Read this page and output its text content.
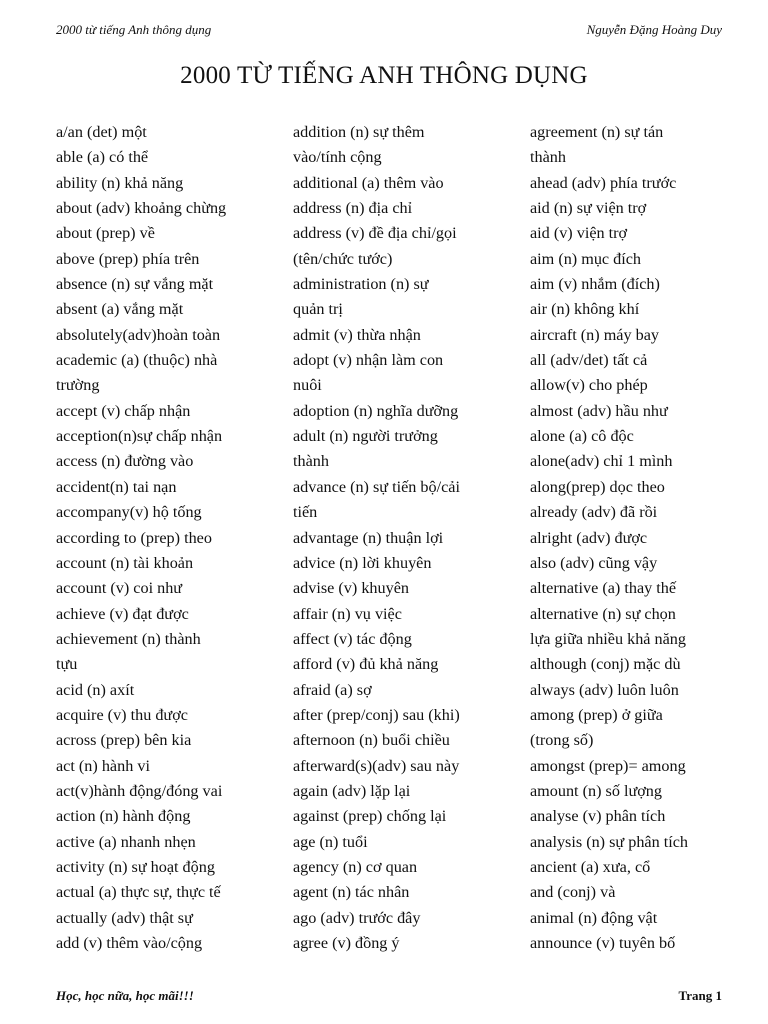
2000 từ tiếng Anh thông dụng	Nguyễn Đặng Hoàng Duy
2000 TỪ TIẾNG ANH THÔNG DỤNG
a/an (det) một
able (a) có thể
ability (n) khả năng
about (adv) khoảng chừng
about (prep) về
above (prep) phía trên
absence (n) sự vắng mặt
absent (a) vắng mặt
absolutely(adv)hoàn toàn
academic (a) (thuộc) nhà
trường
accept (v) chấp nhận
acception(n)sự chấp nhận
access (n) đường vào
accident(n) tai nạn
accompany(v) hộ tống
according to (prep) theo
account (n) tài khoản
account (v) coi như
achieve (v) đạt được
achievement (n) thành
tựu
acid (n) axít
acquire (v) thu được
across (prep) bên kia
act (n) hành vi
act(v)hành động/đóng vai
action (n) hành động
active (a) nhanh nhẹn
activity (n) sự hoạt động
actual (a) thực sự, thực tế
actually (adv) thật sự
add (v) thêm vào/cộng
addition (n) sự thêm
vào/tính cộng
additional (a) thêm vào
address (n) địa chỉ
address (v) đề địa chỉ/gọi
(tên/chức tước)
administration (n) sự
quản trị
admit (v) thừa nhận
adopt (v) nhận làm con
nuôi
adoption (n) nghĩa dưỡng
adult (n) người trưởng
thành
advance (n) sự tiến bộ/cải
tiến
advantage (n) thuận lợi
advice (n) lời khuyên
advise (v) khuyên
affair (n) vụ việc
affect (v) tác động
afford (v) đủ khả năng
afraid (a) sợ
after (prep/conj) sau (khi)
afternoon (n) buổi chiều
afterward(s)(adv) sau này
again (adv) lặp lại
against (prep) chống lại
age (n) tuổi
agency (n) cơ quan
agent (n) tác nhân
ago (adv) trước đây
agree (v) đồng ý
agreement (n) sự tán
thành
ahead (adv) phía trước
aid (n) sự viện trợ
aid (v) viện trợ
aim (n) mục đích
aim (v) nhắm (đích)
air (n) không khí
aircraft (n) máy bay
all (adv/det) tất cả
allow(v) cho phép
almost (adv) hầu như
alone (a) cô độc
alone(adv) chỉ 1 mình
along(prep) dọc theo
already (adv) đã rồi
alright (adv) được
also (adv) cũng vậy
alternative (a) thay thế
alternative (n) sự chọn
lựa giữa nhiều khả năng
although (conj) mặc dù
always (adv) luôn luôn
among (prep) ở giữa
(trong số)
amongst (prep)= among
amount (n) số lượng
analyse (v) phân tích
analysis (n) sự phân tích
ancient (a) xưa, cổ
and (conj) và
animal (n) động vật
announce (v) tuyên bố
Học, học nữa, học mãi!!!	Trang 1
